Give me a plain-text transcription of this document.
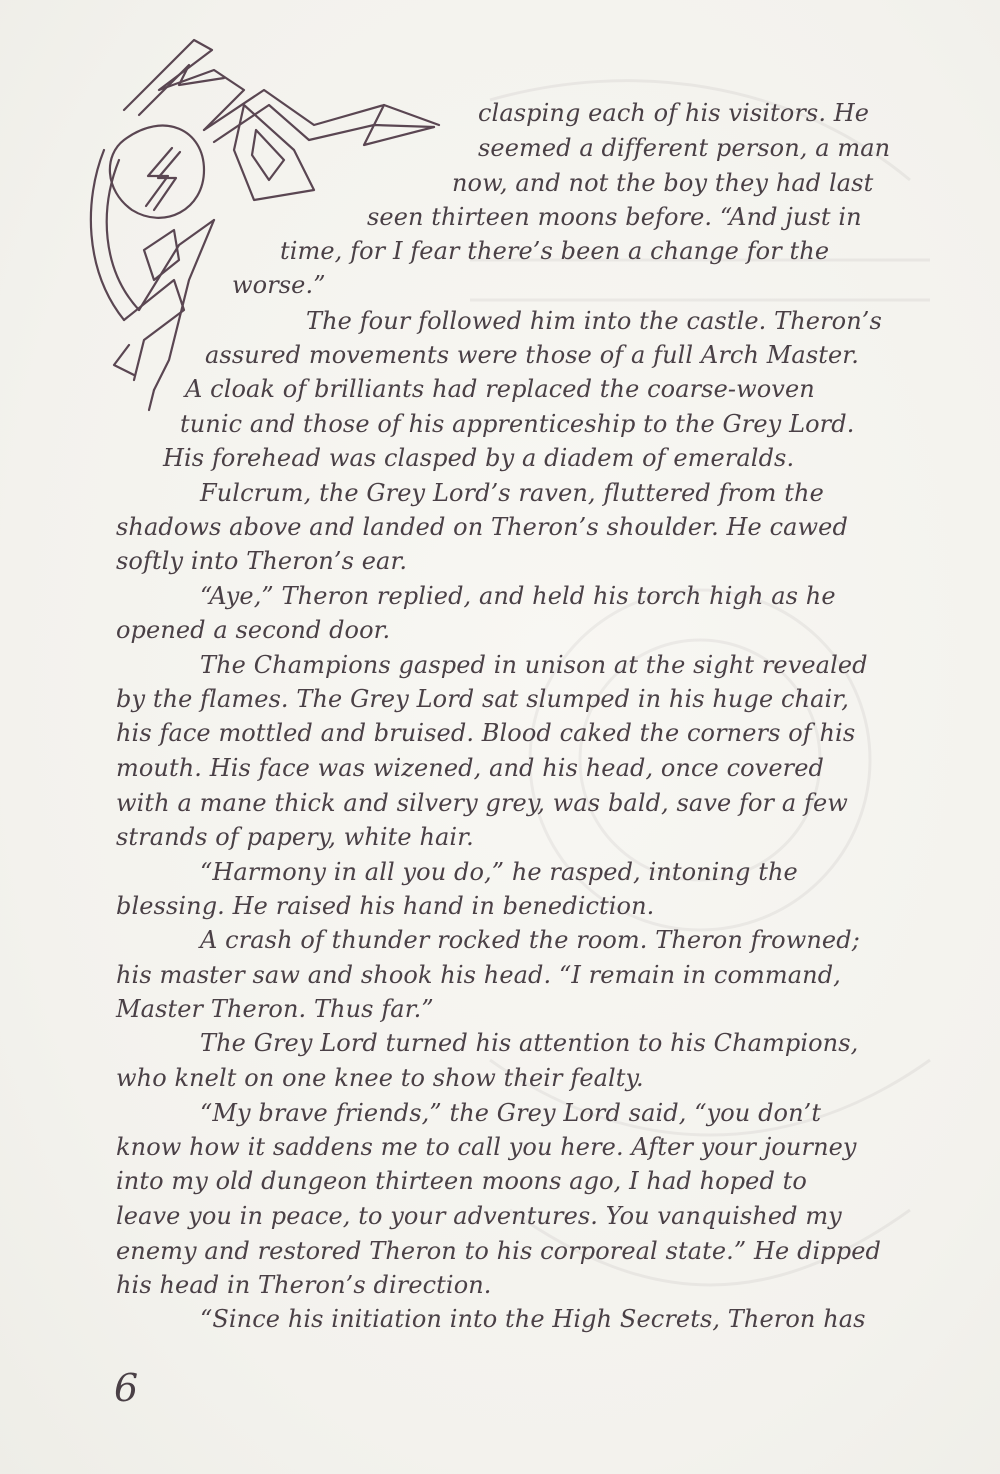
clasping each of his visitors. He
seemed a different person, a man
now, and not the boy they had last
seen thirteen moons before. “And just in
time, for I fear there’s been a change for the
worse.”
The four followed him into the castle. Theron’s
assured movements were those of a full Arch Master.
A cloak of brilliants had replaced the coarse-woven
tunic and those of his apprenticeship to the Grey Lord.
His forehead was clasped by a diadem of emeralds.
Fulcrum, the Grey Lord’s raven, fluttered from the
shadows above and landed on Theron’s shoulder. He cawed
softly into Theron’s ear.
“Aye,” Theron replied, and held his torch high as he
opened a second door.
The Champions gasped in unison at the sight revealed
by the flames. The Grey Lord sat slumped in his huge chair,
his face mottled and bruised. Blood caked the corners of his
mouth. His face was wizened, and his head, once covered
with a mane thick and silvery grey, was bald, save for a few
strands of papery, white hair.
“Harmony in all you do,” he rasped, intoning the
blessing. He raised his hand in benediction.
A crash of thunder rocked the room. Theron frowned;
his master saw and shook his head. “I remain in command,
Master Theron. Thus far.”
The Grey Lord turned his attention to his Champions,
who knelt on one knee to show their fealty.
“My brave friends,” the Grey Lord said, “you don’t
know how it saddens me to call you here. After your journey
into my old dungeon thirteen moons ago, I had hoped to
leave you in peace, to your adventures. You vanquished my
enemy and restored Theron to his corporeal state.” He dipped
his head in Theron’s direction.
“Since his initiation into the High Secrets, Theron has
6
